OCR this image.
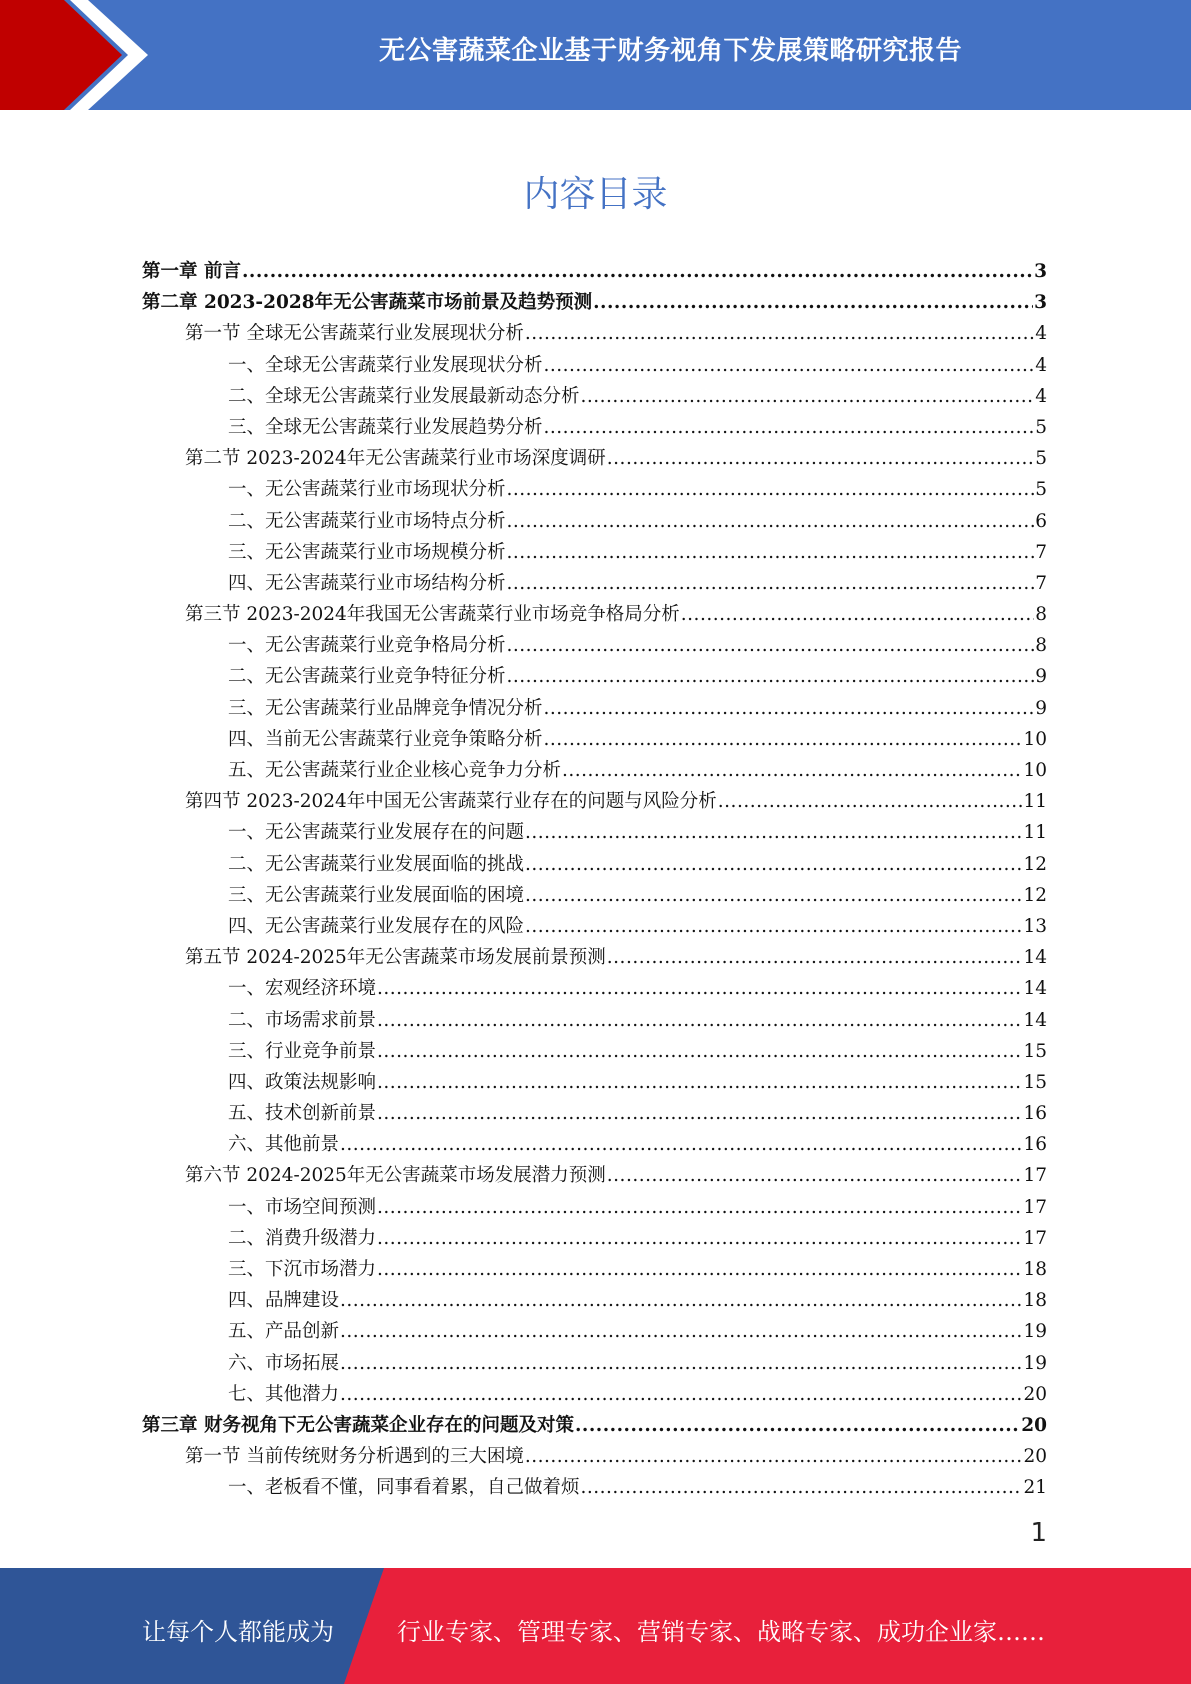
无公害蔬菜企业基于财务视角下发展策略研究报告
内容目录
第一章 前言 .....	3
第二章 2023-2028年无公害蔬菜市场前景及趋势预测 .....	3
第一节 全球无公害蔬菜行业发展现状分析 .....	4
一、全球无公害蔬菜行业发展现状分析 .....	4
二、全球无公害蔬菜行业发展最新动态分析 .....	4
三、全球无公害蔬菜行业发展趋势分析 .....	5
第二节 2023-2024年无公害蔬菜行业市场深度调研 .....	5
一、无公害蔬菜行业市场现状分析 .....	5
二、无公害蔬菜行业市场特点分析 .....	6
三、无公害蔬菜行业市场规模分析 .....	7
四、无公害蔬菜行业市场结构分析 .....	7
第三节 2023-2024年我国无公害蔬菜行业市场竞争格局分析 .....	8
一、无公害蔬菜行业竞争格局分析 .....	8
二、无公害蔬菜行业竞争特征分析 .....	9
三、无公害蔬菜行业品牌竞争情况分析 .....	9
四、当前无公害蔬菜行业竞争策略分析 .....	10
五、无公害蔬菜行业企业核心竞争力分析 .....	10
第四节 2023-2024年中国无公害蔬菜行业存在的问题与风险分析 .....	11
一、无公害蔬菜行业发展存在的问题 .....	11
二、无公害蔬菜行业发展面临的挑战 .....	12
三、无公害蔬菜行业发展面临的困境 .....	12
四、无公害蔬菜行业发展存在的风险 .....	13
第五节 2024-2025年无公害蔬菜市场发展前景预测 .....	14
一、宏观经济环境 .....	14
二、市场需求前景 .....	14
三、行业竞争前景 .....	15
四、政策法规影响 .....	15
五、技术创新前景 .....	16
六、其他前景 .....	16
第六节 2024-2025年无公害蔬菜市场发展潜力预测 .....	17
一、市场空间预测 .....	17
二、消费升级潜力 .....	17
三、下沉市场潜力 .....	18
四、品牌建设 .....	18
五、产品创新 .....	19
六、市场拓展 .....	19
七、其他潜力 .....	20
第三章 财务视角下无公害蔬菜企业存在的问题及对策 .....	20
第一节 当前传统财务分析遇到的三大困境 .....	20
一、老板看不懂，同事看着累，自己做着烦 .....	21
1
让每个人都能成为	行业专家、管理专家、营销专家、战略专家、成功企业家……
